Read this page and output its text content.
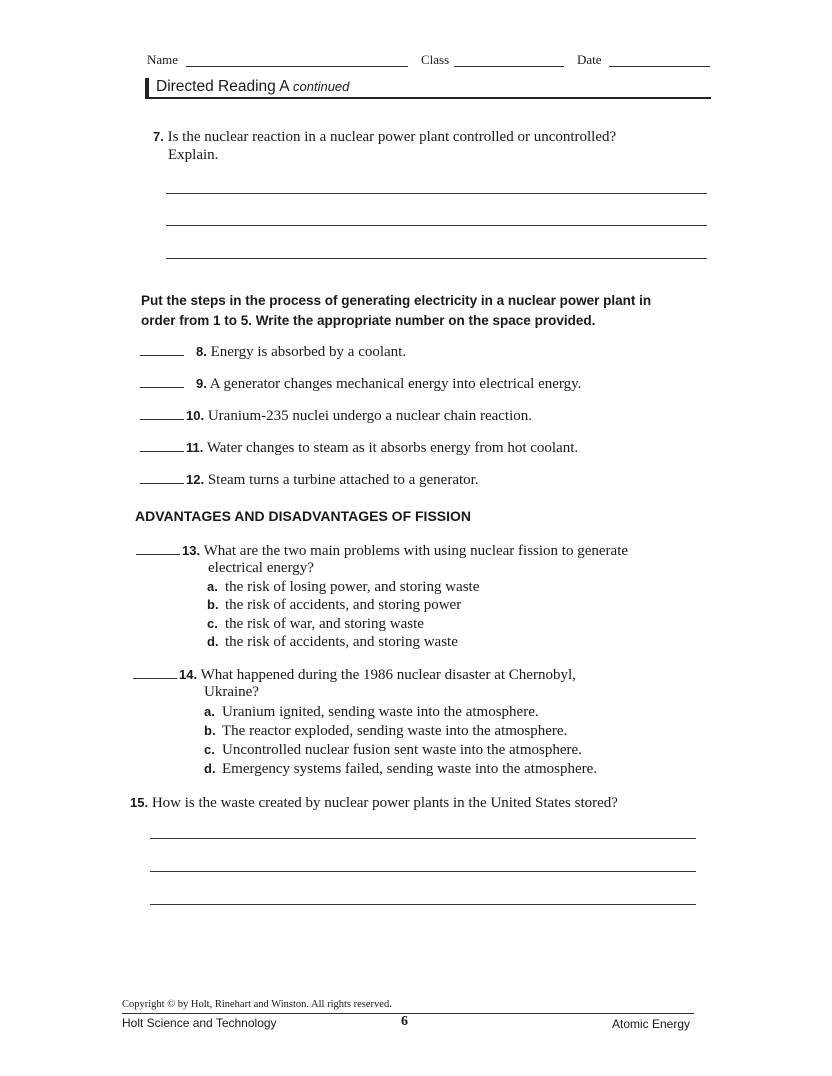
Name	Class	Date
Directed Reading A continued
7. Is the nuclear reaction in a nuclear power plant controlled or uncontrolled?
Explain.
Put the steps in the process of generating electricity in a nuclear power plant in
order from 1 to 5. Write the appropriate number on the space provided.
8. Energy is absorbed by a coolant.
9. A generator changes mechanical energy into electrical energy.
10. Uranium-235 nuclei undergo a nuclear chain reaction.
11. Water changes to steam as it absorbs energy from hot coolant.
12. Steam turns a turbine attached to a generator.
ADVANTAGES AND DISADVANTAGES OF FISSION
13. What are the two main problems with using nuclear fission to generate
electrical energy?
a. the risk of losing power, and storing waste
b. the risk of accidents, and storing power
c. the risk of war, and storing waste
d. the risk of accidents, and storing waste
14. What happened during the 1986 nuclear disaster at Chernobyl,
Ukraine?
a. Uranium ignited, sending waste into the atmosphere.
b. The reactor exploded, sending waste into the atmosphere.
c. Uncontrolled nuclear fusion sent waste into the atmosphere.
d. Emergency systems failed, sending waste into the atmosphere.
15. How is the waste created by nuclear power plants in the United States stored?
Copyright © by Holt, Rinehart and Winston. All rights reserved.
Holt Science and Technology	6	Atomic Energy
